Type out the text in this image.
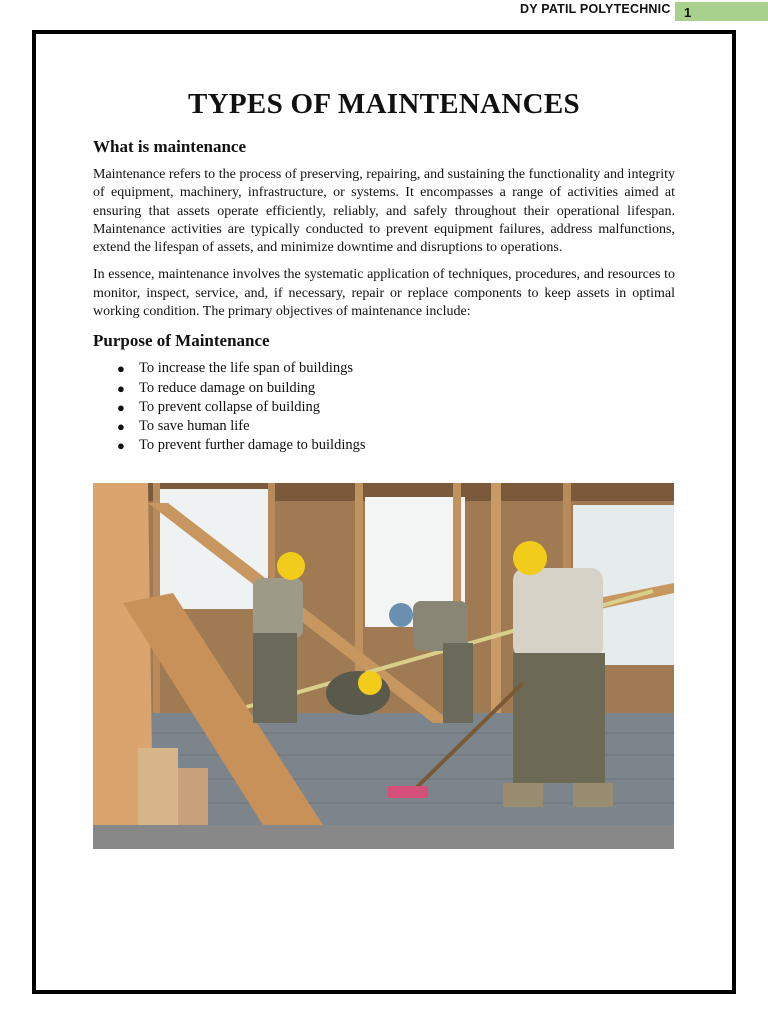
DY PATIL POLYTECHNIC	1
TYPES OF MAINTENANCES
What is maintenance

Maintenance refers to the process of preserving, repairing, and sustaining the functionality and integrity of equipment, machinery, infrastructure, or systems. It encompasses a range of activities aimed at ensuring that assets operate efficiently, reliably, and safely throughout their operational lifespan. Maintenance activities are typically conducted to prevent equipment failures, address malfunctions, extend the lifespan of assets, and minimize downtime and disruptions to operations.

In essence, maintenance involves the systematic application of techniques, procedures, and resources to monitor, inspect, service, and, if necessary, repair or replace components to keep assets in optimal working condition. The primary objectives of maintenance include:

Purpose of Maintenance
● To increase the life span of buildings
● To reduce damage on building
● To prevent collapse of building
● To save human life
● To prevent further damage to buildings
